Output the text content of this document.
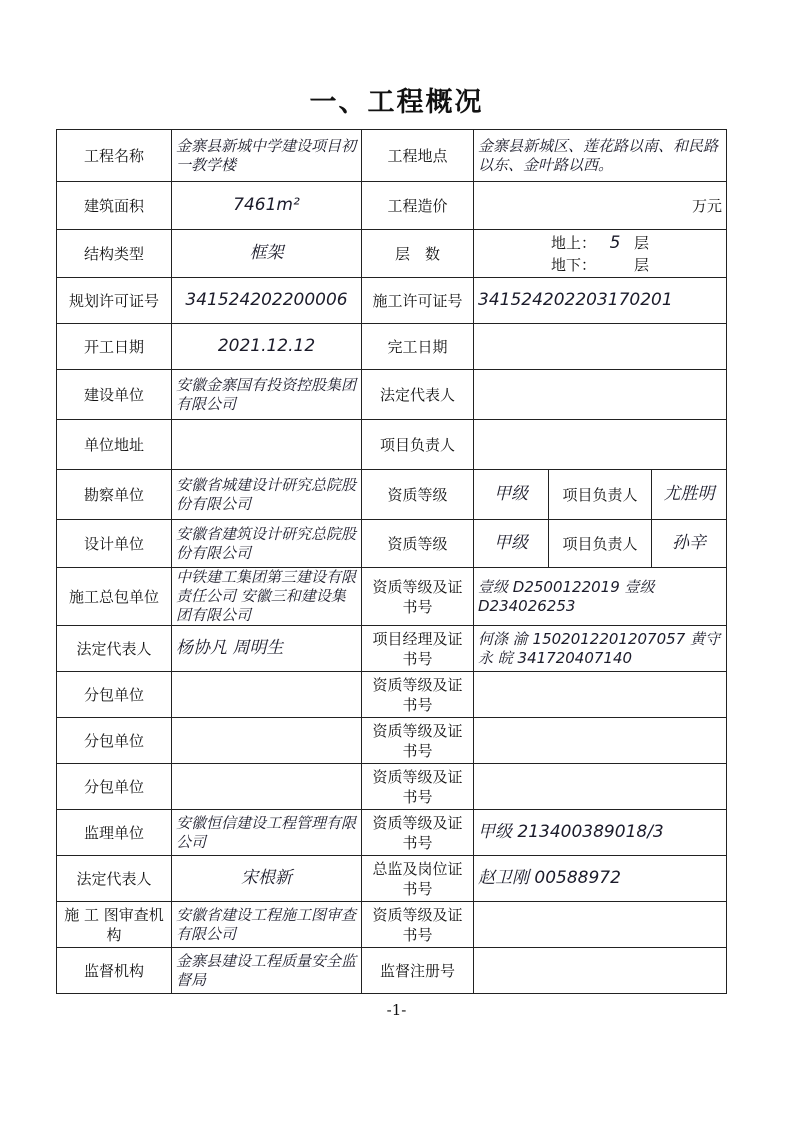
一、工程概况
工程名称	金寨县新城中学建设项目初一教学楼	工程地点	金寨县新城区、莲花路以南、和民路以东、金叶路以西。		
建筑面积	7461m²	工程造价	万元		
结构类型	框架	层　数	地上： 5 层
地下： 层		

规划许可证号	341524202200006	施工许可证号	341524202203170201		
开工日期	2021.12.12	完工日期			
建设单位	安徽金寨国有投资控股集团有限公司	法定代表人			
单位地址		项目负责人			
勘察单位	安徽省城建设计研究总院股份有限公司	资质等级	甲级	项目负责人	尤胜明
设计单位	安徽省建筑设计研究总院股份有限公司	资质等级	甲级	项目负责人	孙辛
施工总包单位	中铁建工集团第三建设有限责任公司 安徽三和建设集团有限公司	资质等级及证书号	壹级 D2500122019 壹级 D234026253		
法定代表人	杨协凡 周明生	项目经理及证书号	何涤 渝 1502012201207057 黄守永 皖 341720407140		
分包单位		资质等级及证书号			
分包单位		资质等级及证书号			
分包单位		资质等级及证书号			
监理单位	安徽恒信建设工程管理有限公司	资质等级及证书号	甲级 213400389018/3		
法定代表人	宋根新	总监及岗位证书号	赵卫刚 00588972		
施 工 图审查机构	安徽省建设工程施工图审查有限公司	资质等级及证书号			
监督机构	金寨县建设工程质量安全监督局	监督注册号			
-1-
